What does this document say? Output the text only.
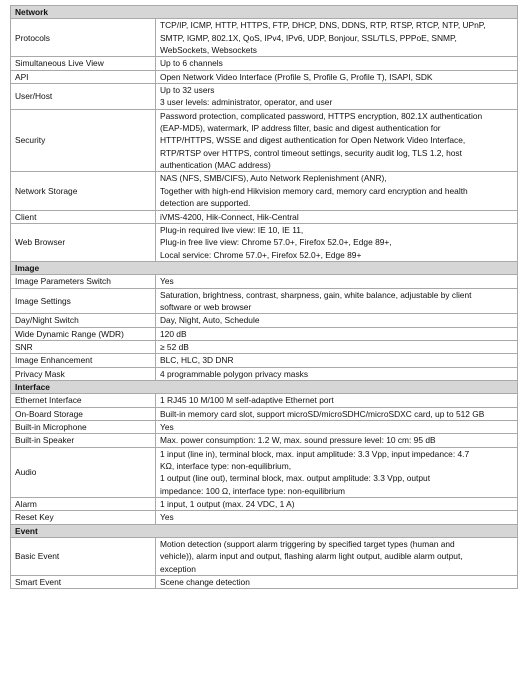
Network	
Protocols	TCP/IP, ICMP, HTTP, HTTPS, FTP, DHCP, DNS, DDNS, RTP, RTSP, RTCP, NTP, UPnP,
SMTP, IGMP, 802.1X, QoS, IPv4, IPv6, UDP, Bonjour, SSL/TLS, PPPoE, SNMP,
WebSockets, Websockets

Simultaneous Live View	Up to 6 channels

API	Open Network Video Interface (Profile S, Profile G, Profile T), ISAPI, SDK

User/Host	Up to 32 users
3 user levels: administrator, operator, and user

Security	Password protection, complicated password, HTTPS encryption, 802.1X authentication
(EAP-MD5), watermark, IP address filter, basic and digest authentication for
HTTP/HTTPS, WSSE and digest authentication for Open Network Video Interface,
RTP/RTSP over HTTPS, control timeout settings, security audit log, TLS 1.2, host
authentication (MAC address)

Network Storage	NAS (NFS, SMB/CIFS), Auto Network Replenishment (ANR),
Together with high-end Hikvision memory card, memory card encryption and health
detection are supported.

Client	iVMS-4200, Hik-Connect, Hik-Central

Web Browser	Plug-in required live view: IE 10, IE 11,
Plug-in free live view: Chrome 57.0+, Firefox 52.0+, Edge 89+,
Local service: Chrome 57.0+, Firefox 52.0+, Edge 89+

Image	
Image Parameters Switch	Yes

Image Settings	Saturation, brightness, contrast, sharpness, gain, white balance, adjustable by client
software or web browser

Day/Night Switch	Day, Night, Auto, Schedule

Wide Dynamic Range (WDR)	120 dB

SNR	≥ 52 dB

Image Enhancement	BLC, HLC, 3D DNR

Privacy Mask	4 programmable polygon privacy masks

Interface	
Ethernet Interface	1 RJ45 10 M/100 M self-adaptive Ethernet port

On-Board Storage	Built-in memory card slot, support microSD/microSDHC/microSDXC card, up to 512 GB

Built-in Microphone	Yes

Built-in Speaker	Max. power consumption: 1.2 W, max. sound pressure level: 10 cm: 95 dB

Audio	1 input (line in), terminal block, max. input amplitude: 3.3 Vpp, input impedance: 4.7
KΩ, interface type: non-equilibrium,
1 output (line out), terminal block, max. output amplitude: 3.3 Vpp, output
impedance: 100 Ω, interface type: non-equilibrium

Alarm	1 input, 1 output (max. 24 VDC, 1 A)

Reset Key	Yes

Event	
Basic Event	Motion detection (support alarm triggering by specified target types (human and
vehicle)), alarm input and output, flashing alarm light output, audible alarm output,
exception

Smart Event	Scene change detection
